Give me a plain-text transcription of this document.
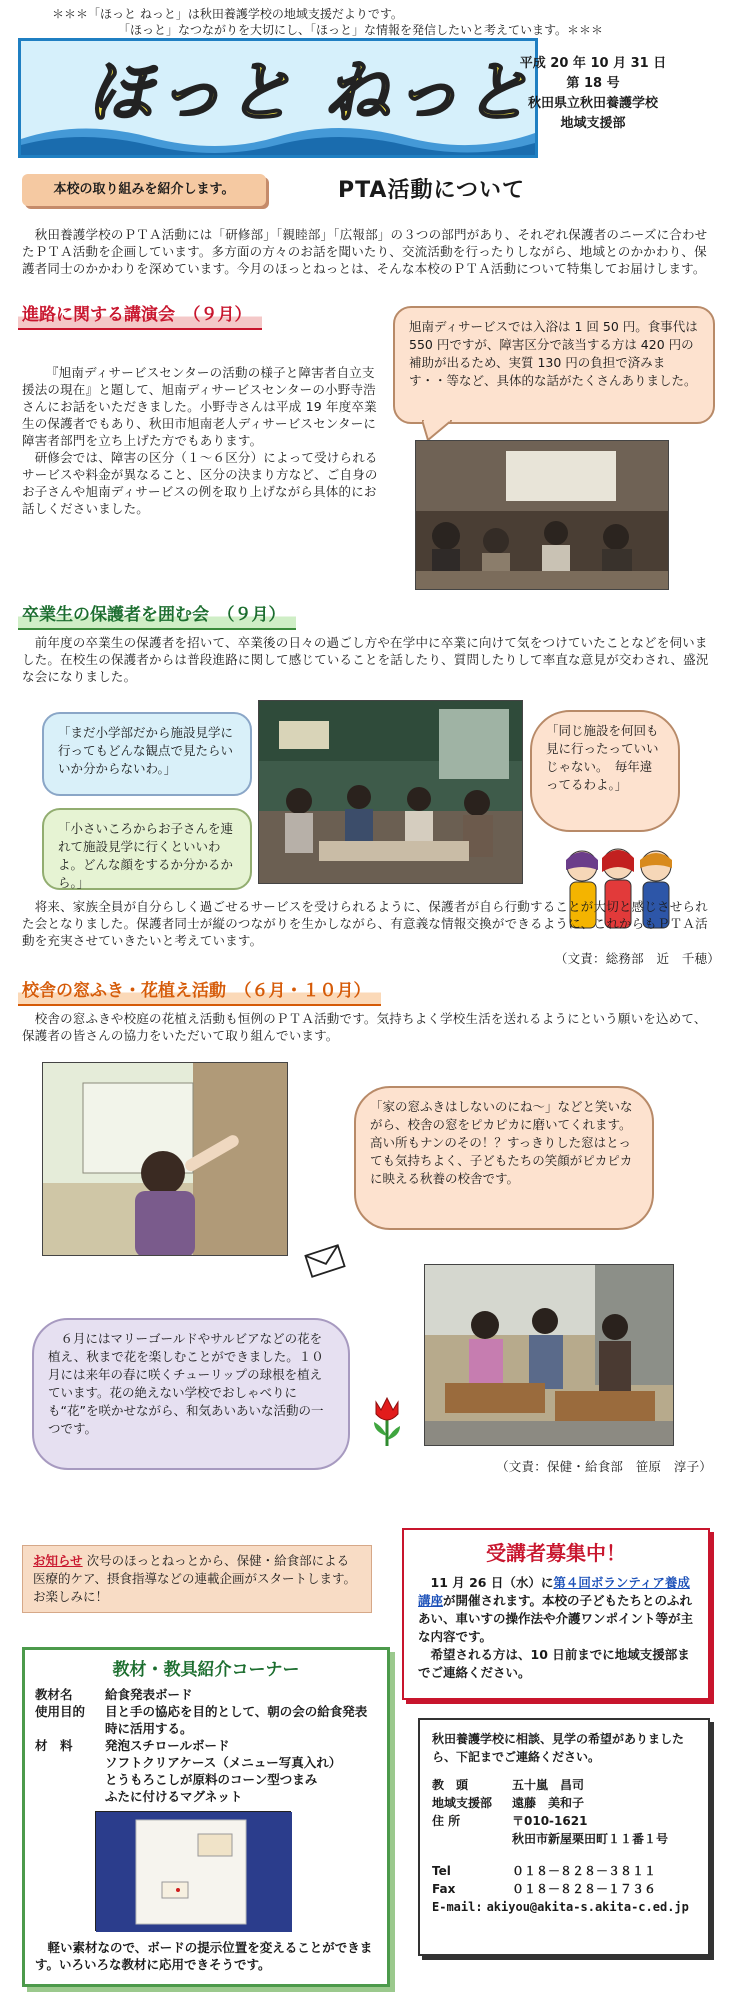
＊＊＊「ほっと ねっと」は秋田養護学校の地域支援だよりです。
「ほっと」なつながりを大切にし、「ほっと」な情報を発信したいと考えています。＊＊＊
ほっと ねっと
平成 20 年 10 月 31 日
第 18 号
秋田県立秋田養護学校
地域支援部
本校の取り組みを紹介します。	PTA活動について
　秋田養護学校のＰＴＡ活動には「研修部」「親睦部」「広報部」の３つの部門があり、それぞれ保護者のニーズに合わせたＰＴＡ活動を企画しています。多方面の方々のお話を聞いたり、交流活動を行ったりしながら、地域とのかかわり、保護者同士のかかわりを深めています。今月のほっとねっとは、そんな本校のＰＴＡ活動について特集してお届けします。
進路に関する講演会　（９月）
『旭南ディサービスセンターの活動の様子と障害者自立支援法の現在』と題して、旭南ディサービスセンターの小野寺浩さんにお話をいただきました。小野寺さんは平成 19 年度卒業生の保護者でもあり、秋田市旭南老人ディサービスセンターに障害者部門を立ち上げた方でもあります。
　研修会では、障害の区分（１～６区分）によって受けられるサービスや料金が異なること、区分の決まり方など、ご自身のお子さんや旭南ディサービスの例を取り上げながら具体的にお話しくださいました。
旭南ディサービスでは入浴は 1 回 50 円。食事代は 550 円ですが、障害区分で該当する方は 420 円の補助が出るため、実質 130 円の負担で済みます・・等など、具体的な話がたくさんありました。
卒業生の保護者を囲む会　（９月）
　前年度の卒業生の保護者を招いて、卒業後の日々の過ごし方や在学中に卒業に向けて気をつけていたことなどを伺いました。在校生の保護者からは普段進路に関して感じていることを話したり、質問したりして率直な意見が交わされ、盛況な会になりました。
「まだ小学部だから施設見学に行ってもどんな観点で見たらいいか分からないわ。」
「小さいころからお子さんを連れて施設見学に行くといいわよ。どんな顔をするか分かるから。」
「同じ施設を何回も見に行ったっていいじゃない。　毎年違ってるわよ。」
　将来、家族全員が自分らしく過ごせるサービスを受けられるように、保護者が自ら行動することが大切と感じさせられた会となりました。保護者同士が縦のつながりを生かしながら、有意義な情報交換ができるように、これからもＰＴＡ活動を充実させていきたいと考えています。
（文責：総務部　近　千穂）
校舎の窓ふき・花植え活動　（６月・１０月）
　校舎の窓ふきや校庭の花植え活動も恒例のＰＴＡ活動です。気持ちよく学校生活を送れるようにという願いを込めて、保護者の皆さんの協力をいただいて取り組んでいます。
「家の窓ふきはしないのにね～」などと笑いながら、校舎の窓をピカピカに磨いてくれます。高い所もナンのその！？すっきりした窓はとっても気持ちよく、子どもたちの笑顔がピカピカに映える秋養の校舎です。
　６月にはマリーゴールドやサルビアなどの花を植え、秋まで花を楽しむことができました。１０月には来年の春に咲くチューリップの球根を植えています。花の絶えない学校でおしゃべりにも“花”を咲かせながら、和気あいあいな活動の一つです。
（文責：保健・給食部　笹原　淳子）
お知らせ 次号のほっとねっとから、保健・給食部による医療的ケア、摂食指導などの連載企画がスタートします。お楽しみに！
受講者募集中！
　11 月 26 日（水）に第４回ボランティア養成講座が開催されます。本校の子どもたちとのふれあい、車いすの操作法や介護ワンポイント等が主な内容です。
　希望される方は、10 日前までに地域支援部までご連絡ください。
教材・教具紹介コーナー
教材名	給食発表ボード
使用目的	目と手の協応を目的として、朝の会の給食発表時に活用する。
材　料	発泡スチロールボード
ソフトクリアケース（メニュー写真入れ）
とうもろこしが原料のコーン型つまみ
ふたに付けるマグネット
　軽い素材なので、ボードの提示位置を変えることができます。いろいろな教材に応用できそうです。
秋田養護学校に相談、見学の希望がありましたら、下記までご連絡ください。
教　頭	五十嵐　昌司
地域支援部	遠藤　美和子
住 所	〒010-1621
秋田市新屋栗田町１１番１号
Tel	０１８－８２８－３８１１
Fax	０１８－８２８－１７３６
E-mail: akiyou@akita-s.akita-c.ed.jp
